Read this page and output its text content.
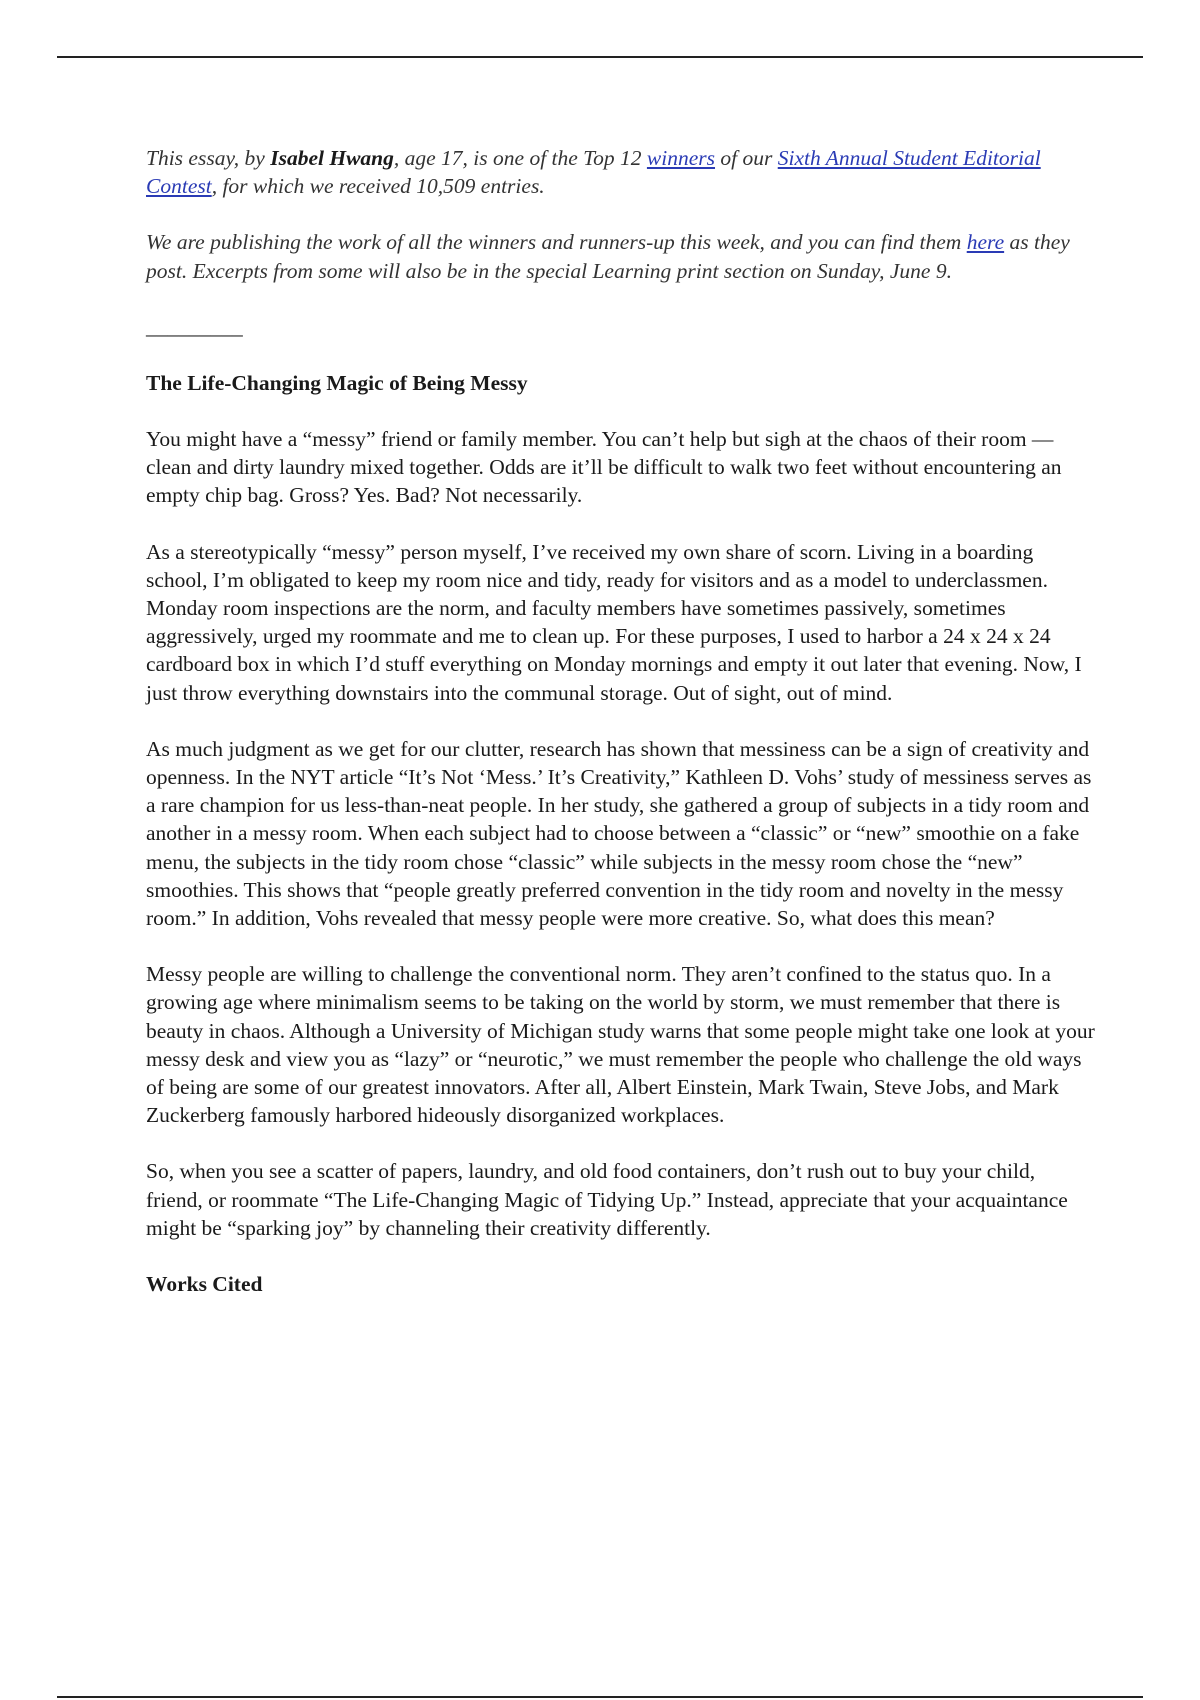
This essay, by Isabel Hwang, age 17, is one of the Top 12 winners of our Sixth Annual Student Editorial Contest, for which we received 10,509 entries.

We are publishing the work of all the winners and runners-up this week, and you can find them here as they post. Excerpts from some will also be in the special Learning print section on Sunday, June 9.

_________
The Life-Changing Magic of Being Messy

You might have a “messy” friend or family member. You can’t help but sigh at the chaos of their room — clean and dirty laundry mixed together. Odds are it’ll be difficult to walk two feet without encountering an empty chip bag. Gross? Yes. Bad? Not necessarily.

As a stereotypically “messy” person myself, I’ve received my own share of scorn. Living in a boarding school, I’m obligated to keep my room nice and tidy, ready for visitors and as a model to underclassmen. Monday room inspections are the norm, and faculty members have sometimes passively, sometimes aggressively, urged my roommate and me to clean up. For these purposes, I used to harbor a 24 x 24 x 24 cardboard box in which I’d stuff everything on Monday mornings and empty it out later that evening. Now, I just throw everything downstairs into the communal storage. Out of sight, out of mind.

As much judgment as we get for our clutter, research has shown that messiness can be a sign of creativity and openness. In the NYT article “It’s Not ‘Mess.’ It’s Creativity,” Kathleen D. Vohs’ study of messiness serves as a rare champion for us less-than-neat people. In her study, she gathered a group of subjects in a tidy room and another in a messy room. When each subject had to choose between a “classic” or “new” smoothie on a fake menu, the subjects in the tidy room chose “classic” while subjects in the messy room chose the “new” smoothies. This shows that “people greatly preferred convention in the tidy room and novelty in the messy room.” In addition, Vohs revealed that messy people were more creative. So, what does this mean?

Messy people are willing to challenge the conventional norm. They aren’t confined to the status quo. In a growing age where minimalism seems to be taking on the world by storm, we must remember that there is beauty in chaos. Although a University of Michigan study warns that some people might take one look at your messy desk and view you as “lazy” or “neurotic,” we must remember the people who challenge the old ways of being are some of our greatest innovators. After all, Albert Einstein, Mark Twain, Steve Jobs, and Mark Zuckerberg famously harbored hideously disorganized workplaces.

So, when you see a scatter of papers, laundry, and old food containers, don’t rush out to buy your child, friend, or roommate “The Life-Changing Magic of Tidying Up.” Instead, appreciate that your acquaintance might be “sparking joy” by channeling their creativity differently.

Works Cited
